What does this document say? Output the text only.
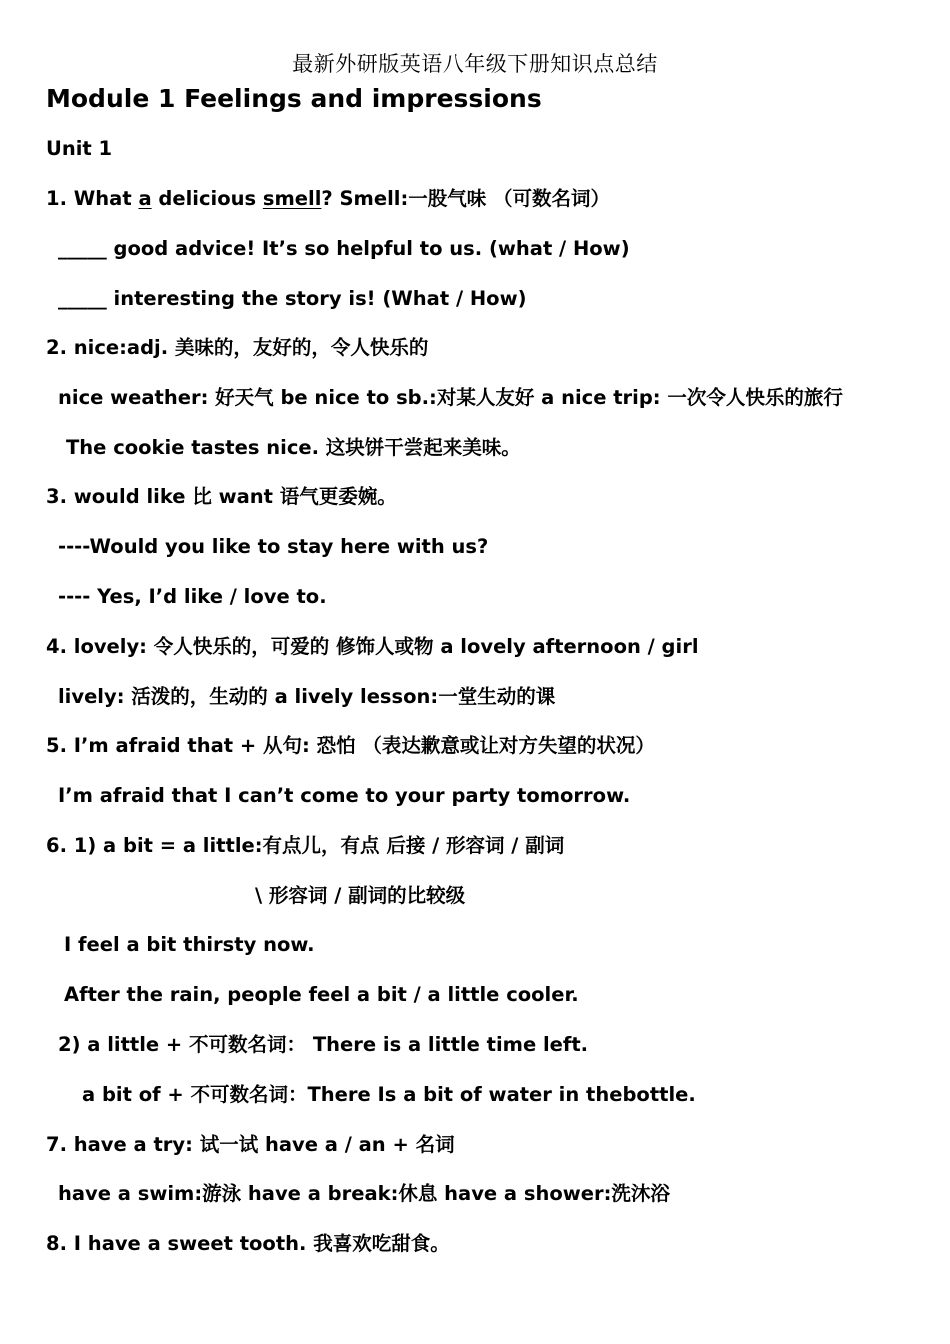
最新外研版英语八年级下册知识点总结
Module 1 Feelings and impressions
Unit 1
1. What a delicious smell? Smell:一股气味 （可数名词）
_____ good advice! It’s so helpful to us. (what / How)
_____ interesting the story is! (What / How)
2. nice:adj. 美味的，友好的，令人快乐的
nice weather: 好天气 be nice to sb.:对某人友好 a nice trip: 一次令人快乐的旅行
The cookie tastes nice. 这块饼干尝起来美味。
3. would like 比 want 语气更委婉。
----Would you like to stay here with us?
---- Yes, I’d like / love to.
4. lovely: 令人快乐的，可爱的 修饰人或物 a lovely afternoon / girl
lively: 活泼的，生动的 a lively lesson:一堂生动的课
5. I’m afraid that + 从句: 恐怕 （表达歉意或让对方失望的状况）
I’m afraid that I can’t come to your party tomorrow.
6. 1) a bit = a little:有点儿，有点 后接 / 形容词 / 副词
\ 形容词 / 副词的比较级
I feel a bit thirsty now.
After the rain, people feel a bit / a little cooler.
2) a little + 不可数名词： There is a little time left.
a bit of + 不可数名词：There Is a bit of water in thebottle.
7. have a try: 试一试 have a / an + 名词
have a swim:游泳 have a break:休息 have a shower:洗沐浴
8. I have a sweet tooth. 我喜欢吃甜食。
